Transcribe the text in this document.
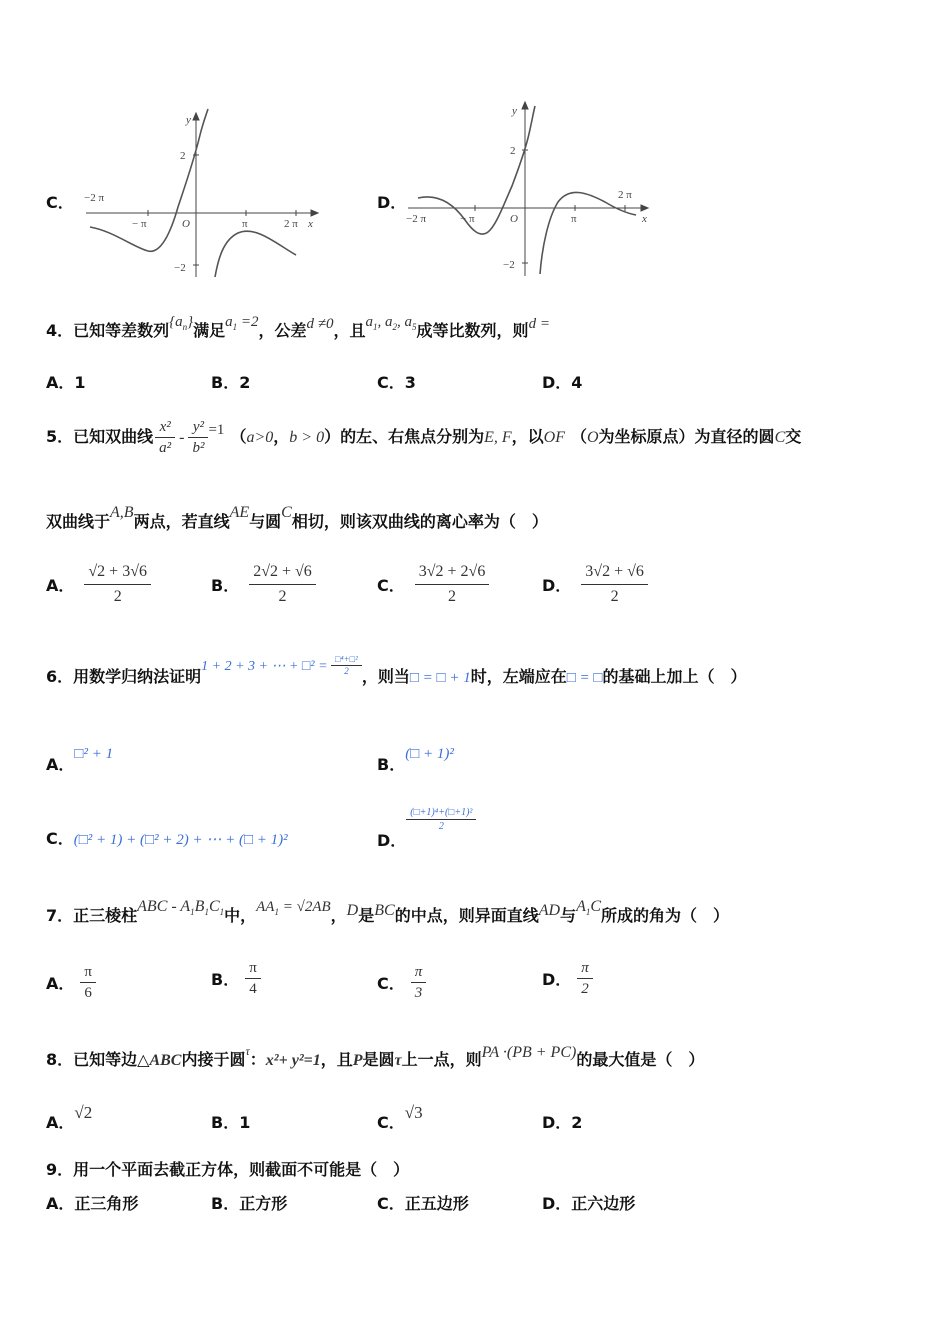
C．
y
x
O
2
−2
−2 π
− π	π	2 π
D．
y
x
O
2
−2
−2 π	− π	π
2 π
4．已知等差数列$\{a_n\}$满足$a_1 =2$，公差d ≠0，且$a_1$, $a_2$, $a_5$成等比数列，则d =
A．1	B．2	C．3	D．4
5．已知双曲线 $\frac{\text{x²}}{\text{a²}} - \frac{\text{y²}}{\text{b²}} =1$ （a>0，b > 0）的左、右焦点分别为E, F，以OF （O为坐标原点）为直径的圆C交
双曲线于A,B两点，若直线AE与圆C相切，则该双曲线的离心率为（　）
A． $\frac{√2 + 3√6}{2}$	B． $\frac{2√2 + √6}{2}$	C． $\frac{3√2 + 2√6}{2}$	D． $\frac{3√2 + √6}{2}$
6．用数学归纳法证明1 + 2 + 3 + ⋯ + □² = $\frac{\text{□⁴+□²}}{2}$ ，则当□ = □ + 1时，左端应在□ = □的基础上加上（　）
A．□² + 1
B．(□ + 1)²
C．(□² + 1) + (□² + 2) + ⋯ + (□ + 1)²	D．
$\frac{\text{(□+1)⁴+(□+1)²}}{2}$
7．正三棱柱ABC - $A_1B_1C_1$中，$AA_1 = √2AB$，D是BC的中点，则异面直线AD与$A_1C$所成的角为（　）
A． $\frac{\pi}{6}$	B． $\frac{\pi}{4}$	C． $\frac{\pi}{3}$	D． $\frac{\pi}{2}$
8．已知等边△ABC内接于圆$^\tau$：x²+ y²=1，且P是圆τ上一点，则PA ·(PB + PC)的最大值是（　）
A．√2
B．1	C．√3
D．2
9．用一个平面去截正方体，则截面不可能是（　）
A．正三角形	B．正方形	C．正五边形	D．正六边形
